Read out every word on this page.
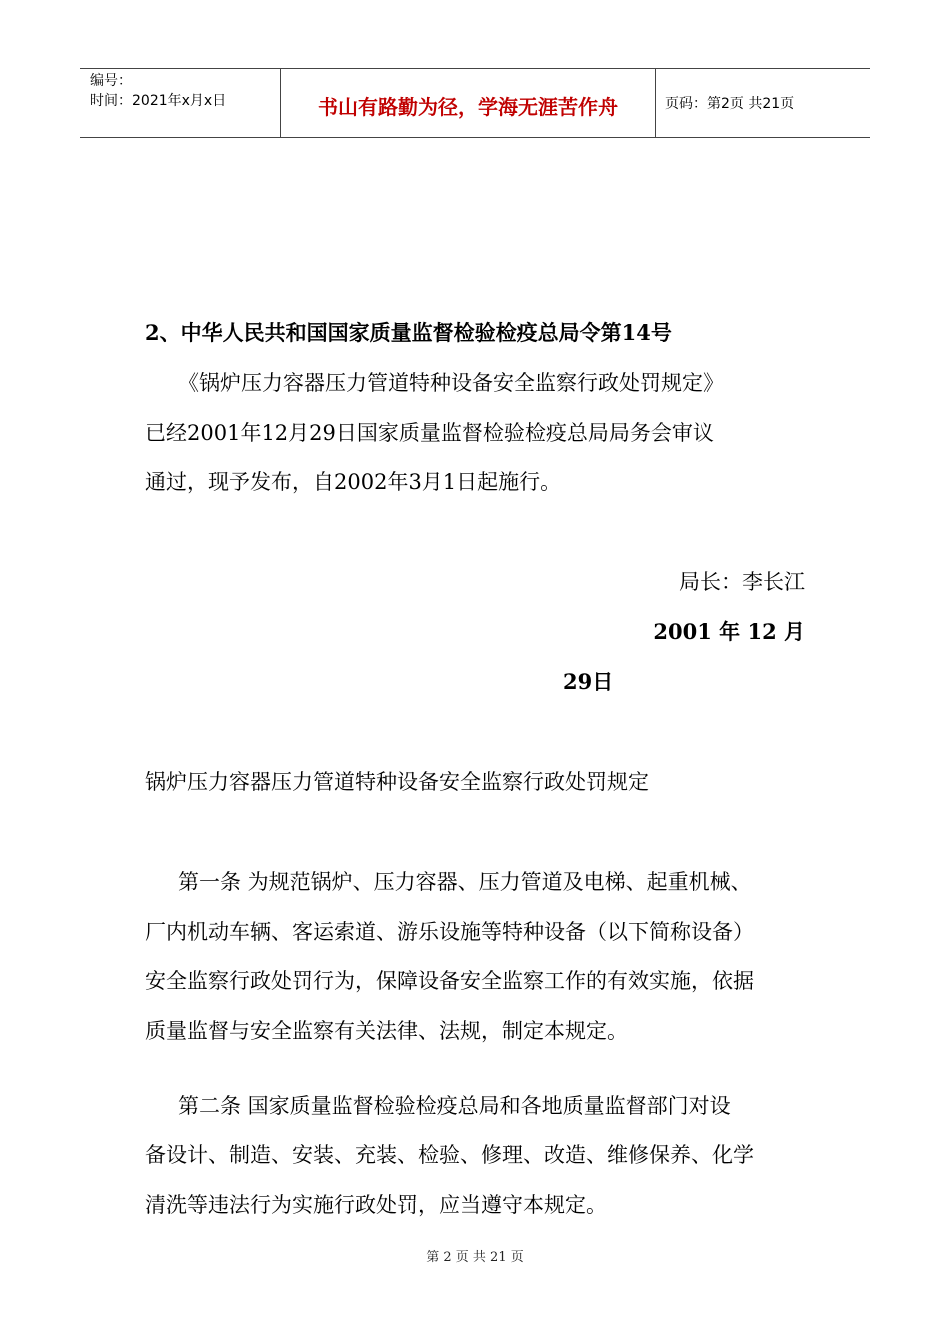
编号：
时间：2021年x月x日	书山有路勤为径，学海无涯苦作舟	页码：第2页 共21页
2、中华人民共和国国家质量监督检验检疫总局令第14号
《锅炉压力容器压力管道特种设备安全监察行政处罚规定》
已经2001年12月29日国家质量监督检验检疫总局局务会审议
通过，现予发布，自2002年3月1日起施行。
局长：李长江
2001 年 12 月
29日
锅炉压力容器压力管道特种设备安全监察行政处罚规定
第一条 为规范锅炉、压力容器、压力管道及电梯、起重机械、
厂内机动车辆、客运索道、游乐设施等特种设备（以下简称设备）
安全监察行政处罚行为，保障设备安全监察工作的有效实施，依据
质量监督与安全监察有关法律、法规，制定本规定。
第二条 国家质量监督检验检疫总局和各地质量监督部门对设
备设计、制造、安装、充装、检验、修理、改造、维修保养、化学
清洗等违法行为实施行政处罚，应当遵守本规定。
第 2 页 共 21 页
